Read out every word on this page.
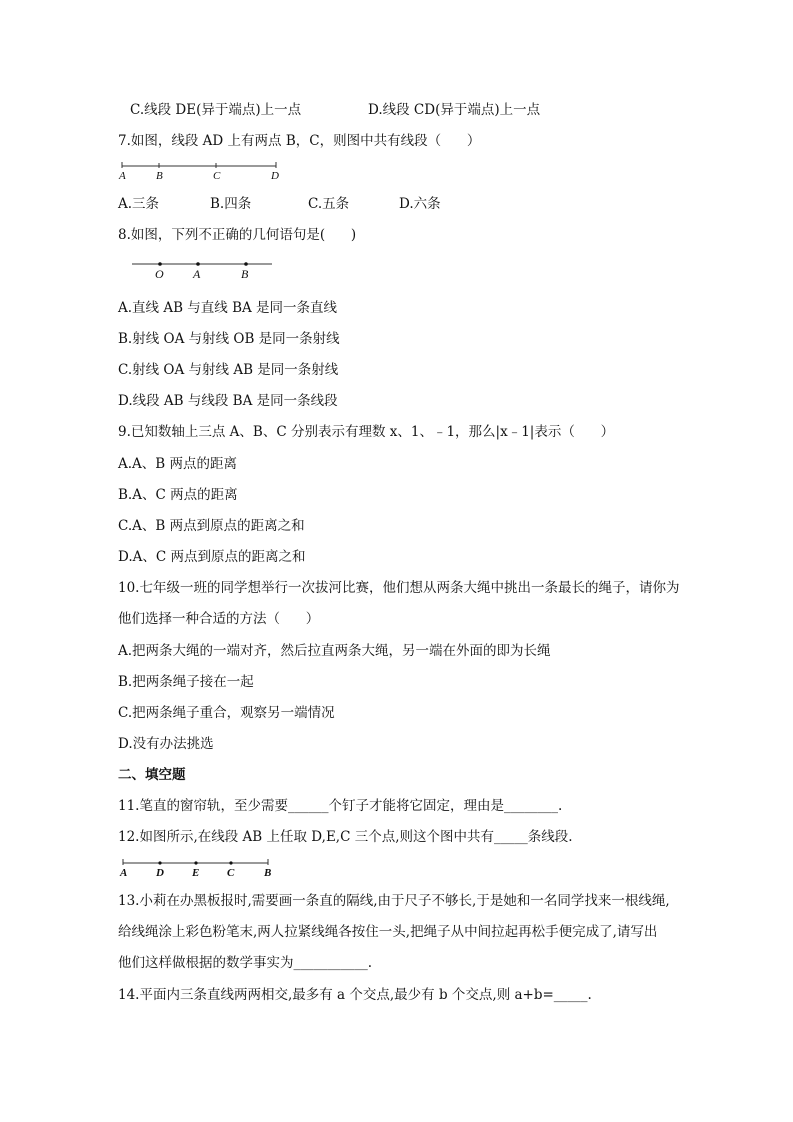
C.线段 DE(异于端点)上一点	D.线段 CD(异于端点)上一点
7.如图，线段 AD 上有两点 B，C，则图中共有线段（      ）
A	B	C	D
A.三条	B.四条	C.五条	D.六条
8.如图，下列不正确的几何语句是(      )
O A	B
A.直线 AB 与直线 BA 是同一条直线
B.射线 OA 与射线 OB 是同一条射线
C.射线 OA 与射线 AB 是同一条射线
D.线段 AB 与线段 BA 是同一条线段
9.已知数轴上三点 A、B、C 分别表示有理数 x、1、﹣1，那么|x﹣1|表示（      ）
A.A、B 两点的距离
B.A、C 两点的距离
C.A、B 两点到原点的距离之和
D.A、C 两点到原点的距离之和
10.七年级一班的同学想举行一次拔河比赛，他们想从两条大绳中挑出一条最长的绳子，请你为
他们选择一种合适的方法（      ）
A.把两条大绳的一端对齐，然后拉直两条大绳，另一端在外面的即为长绳
B.把两条绳子接在一起
C.把两条绳子重合，观察另一端情况
D.没有办法挑选
二、填空题
11.笔直的窗帘轨，至少需要______个钉子才能将它固定，理由是________.
12.如图所示,在线段 AB 上任取 D,E,C 三个点,则这个图中共有_____条线段.
A	D	E	C	B
13.小莉在办黑板报时,需要画一条直的隔线,由于尺子不够长,于是她和一名同学找来一根线绳,
给线绳涂上彩色粉笔末,两人拉紧线绳各按住一头,把绳子从中间拉起再松手便完成了,请写出
他们这样做根据的数学事实为___________.
14.平面内三条直线两两相交,最多有 a 个交点,最少有 b 个交点,则 a+b=_____.
